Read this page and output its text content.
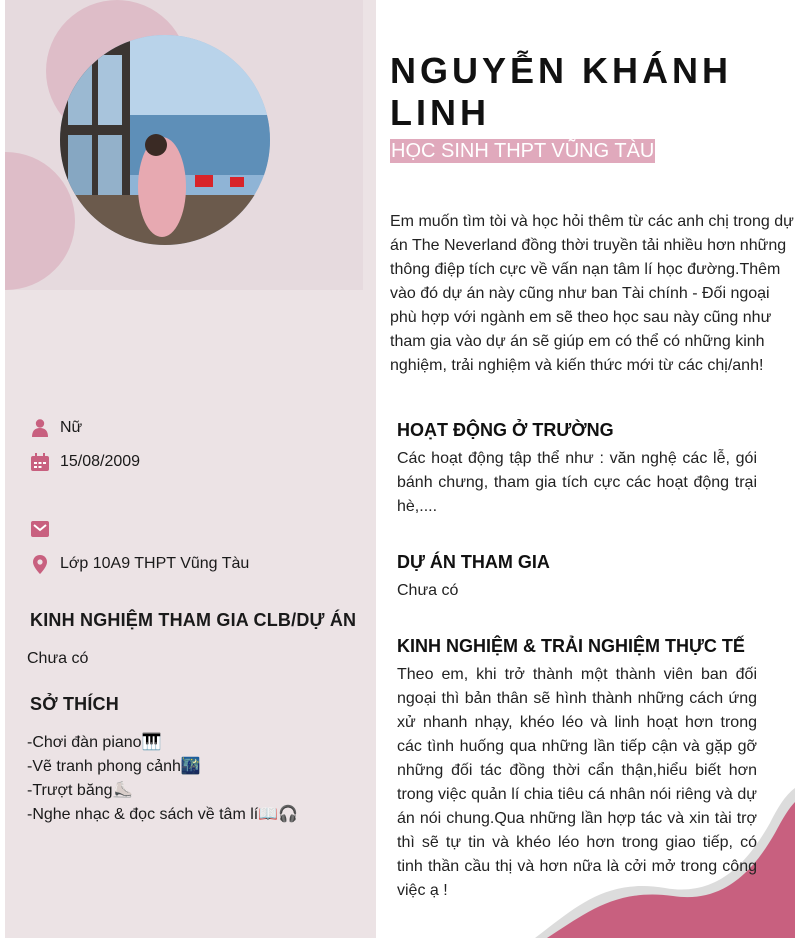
Nữ
15/08/2009
Lớp 10A9 THPT Vũng Tàu
KINH NGHIỆM THAM GIA CLB/DỰ ÁN
Chưa có
SỞ THÍCH
-Chơi đàn piano🎹
-Vẽ tranh phong cảnh🌃
-Trượt băng⛸️
-Nghe nhạc & đọc sách về tâm lí📖🎧
NGUYỄN KHÁNH LINH
HỌC SINH THPT VŨNG TÀU
Em muốn tìm tòi và học hỏi thêm từ các anh chị trong dự án The Neverland đồng thời truyền tải nhiều hơn những thông điệp tích cực về vấn nạn tâm lí học đường.Thêm vào đó dự án này cũng như ban Tài chính - Đối ngoại phù hợp với ngành em sẽ theo học sau này cũng như tham gia vào dự án sẽ giúp em có thể có những kinh nghiệm, trải nghiệm và kiến thức mới từ các chị/anh!
HOẠT ĐỘNG Ở TRƯỜNG
Các hoạt động tập thể như : văn nghệ các lễ, gói bánh chưng, tham gia tích cực các hoạt động trại hè,....
DỰ ÁN THAM GIA
Chưa có
KINH NGHIỆM & TRẢI NGHIỆM THỰC TẾ
Theo em, khi trở thành một thành viên ban đối ngoại thì bản thân sẽ hình thành những cách ứng xử nhanh nhạy, khéo léo và linh hoạt hơn trong các tình huống qua những lần tiếp cận và gặp gỡ những đối tác đồng thời cẩn thận,hiểu biết hơn trong việc quản lí chia tiêu cá nhân nói riêng và dự án nói chung.Qua những lần hợp tác và xin tài trợ thì sẽ tự tin và khéo léo hơn trong giao tiếp, có tinh thần cầu thị và hơn nữa là cởi mở trong công việc ạ !
